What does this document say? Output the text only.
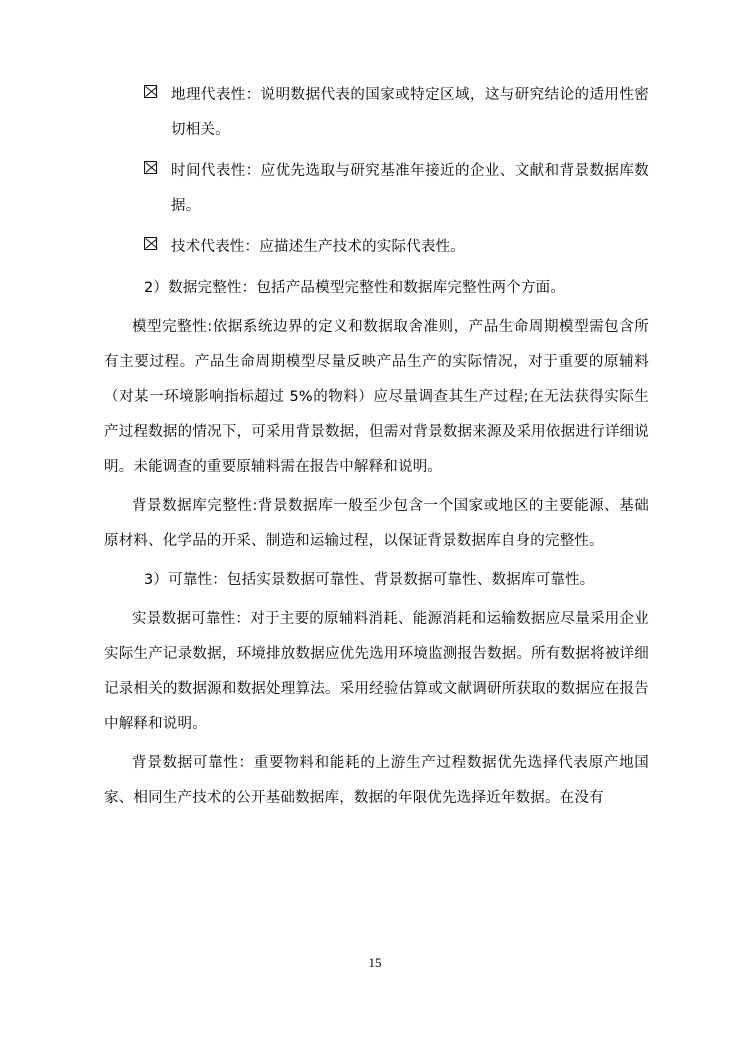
地理代表性：说明数据代表的国家或特定区域，这与研究结论的适用性密切相关。
时间代表性：应优先选取与研究基准年接近的企业、文献和背景数据库数据。
技术代表性：应描述生产技术的实际代表性。

2）数据完整性：包括产品模型完整性和数据库完整性两个方面。

模型完整性:依据系统边界的定义和数据取舍准则，产品生命周期模型需包含所有主要过程。产品生命周期模型尽量反映产品生产的实际情况，对于重要的原辅料（对某一环境影响指标超过 5%的物料）应尽量调查其生产过程;在无法获得实际生产过程数据的情况下，可采用背景数据，但需对背景数据来源及采用依据进行详细说明。未能调查的重要原辅料需在报告中解释和说明。

背景数据库完整性:背景数据库一般至少包含一个国家或地区的主要能源、基础原材料、化学品的开采、制造和运输过程，以保证背景数据库自身的完整性。

3）可靠性：包括实景数据可靠性、背景数据可靠性、数据库可靠性。

实景数据可靠性：对于主要的原辅料消耗、能源消耗和运输数据应尽量采用企业实际生产记录数据，环境排放数据应优先选用环境监测报告数据。所有数据将被详细记录相关的数据源和数据处理算法。采用经验估算或文献调研所获取的数据应在报告中解释和说明。

背景数据可靠性：重要物料和能耗的上游生产过程数据优先选择代表原产地国家、相同生产技术的公开基础数据库，数据的年限优先选择近年数据。在没有

15
